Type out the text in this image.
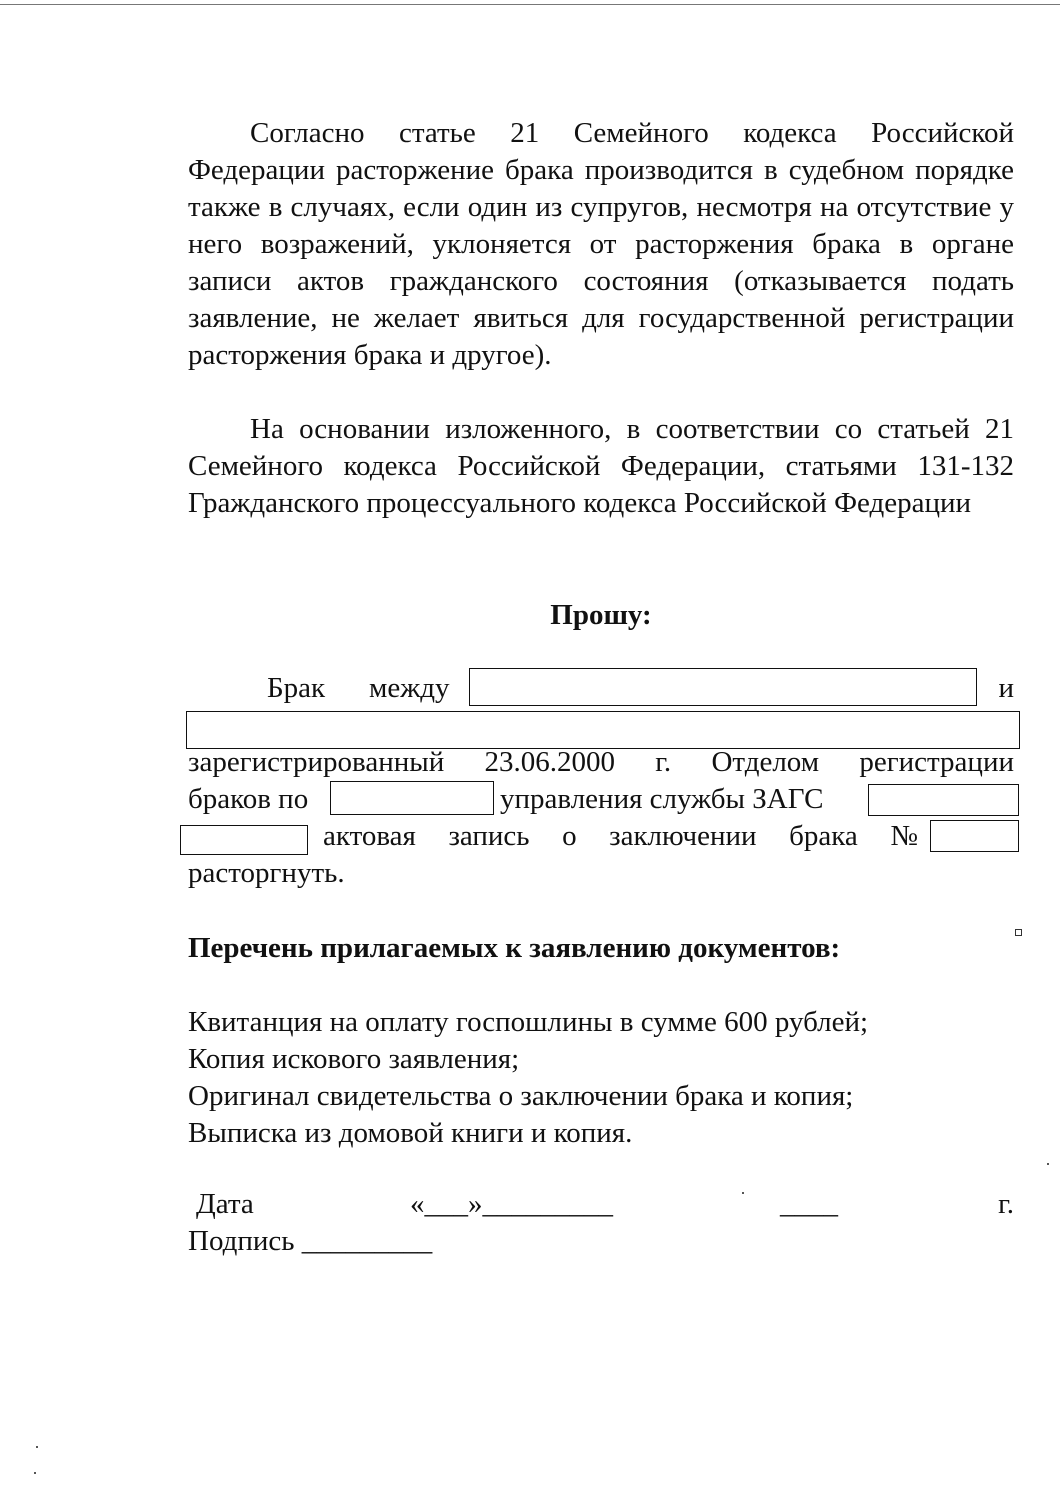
Согласно статье 21 Семейного кодекса Российской Федерации расторжение брака производится в судебном порядке также в случаях, если один из супругов, несмотря на отсутствие у него возражений, уклоняется от расторжения брака в органе записи актов гражданского состояния (отказывается подать заявление, не желает явиться для государственной регистрации расторжения брака и другое).

На основании изложенного, в соответствии со статьей 21 Семейного кодекса Российской Федерации, статьями 131-132 Гражданского процессуального кодекса Российской Федерации

Прошу:
Брак между	и
зарегистрированный 23.06.2000 г. Отделом регистрации
браков по	управления службы ЗАГС
актовая запись о заключении брака №
расторгнуть.
Перечень прилагаемых к заявлению документов:
Квитанция на оплату госпошлины в сумме 600 рублей;
Копия искового заявления;
Оригинал свидетельства о заключении брака и копия;
Выписка из домовой книги и копия.
Дата	«___»_________	____	г.
Подпись _________
